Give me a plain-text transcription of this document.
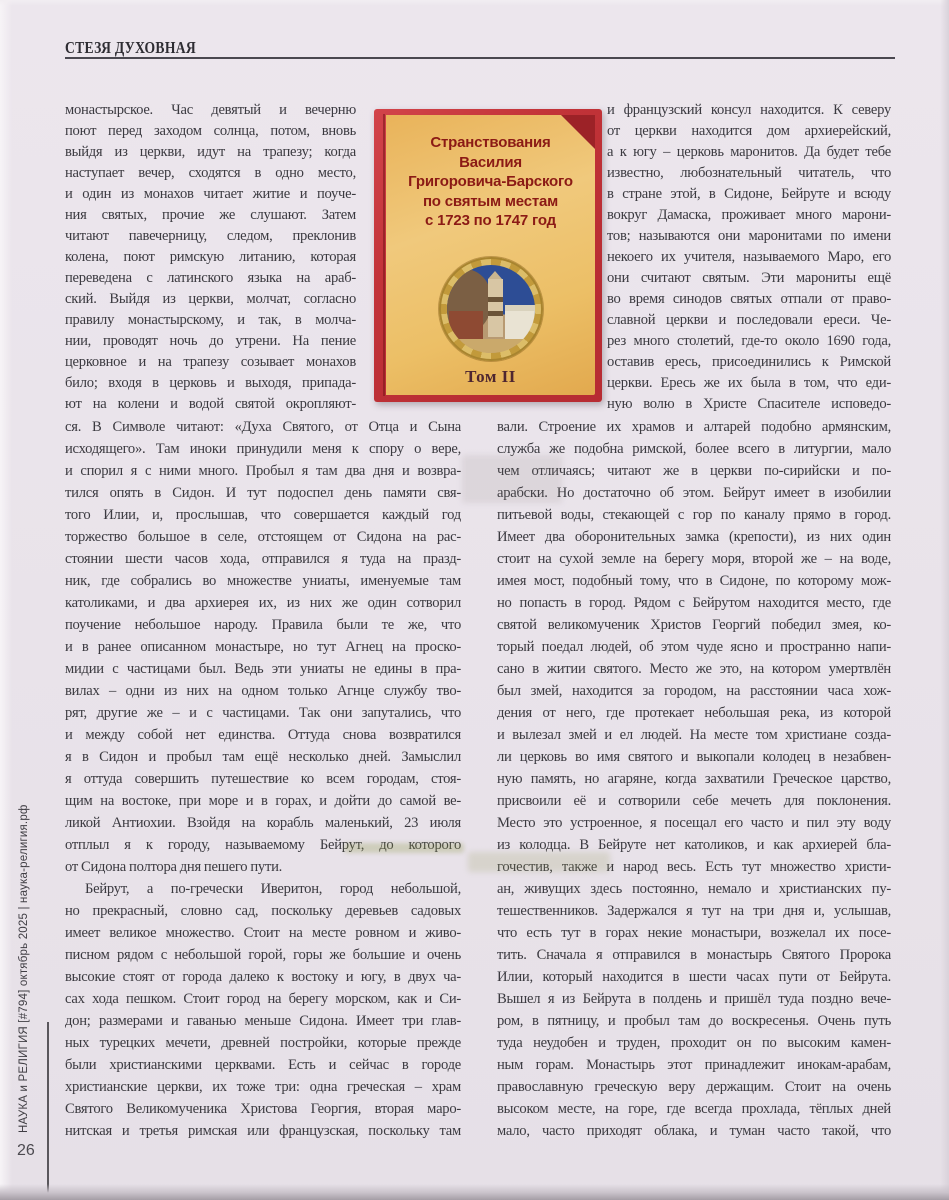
СТЕЗЯ ДУХОВНАЯ
монастырское. Час девятый и вечерню
поют перед заходом солнца, потом, вновь
выйдя из церкви, идут на трапезу; когда
наступает вечер, сходятся в одно место,
и один из монахов читает житие и поуче-
ния святых, прочие же слушают. Затем
читают павечерницу, следом, преклонив
колена, поют римскую литанию, которая
переведена с латинского языка на араб-
ский. Выйдя из церкви, молчат, согласно
правилу монастырскому, и так, в молча-
нии, проводят ночь до утрени. На пение
церковное и на трапезу созывает монахов
било; входя в церковь и выходя, припада-
ют на колени и водой святой окропляют-
и французский консул находится. К северу
от церкви находится дом архиерейский,
а к югу – церковь маронитов. Да будет тебе
известно, любознательный читатель, что
в стране этой, в Сидоне, Бейруте и всюду
вокруг Дамаска, проживает много марони-
тов; называются они маронитами по имени
некоего их учителя, называемого Маро, его
они считают святым. Эти марониты ещё
во время синодов святых отпали от право-
славной церкви и последовали ереси. Че-
рез много столетий, где-то около 1690 года,
оставив ересь, присоединились к Римской
церкви. Ересь же их была в том, что еди-
ную волю в Христе Спасителе исповедо-
ся. В Символе читают: «Духа Святого, от Отца и Сына
исходящего». Там иноки принудили меня к спору о вере,
и спорил я с ними много. Пробыл я там два дня и возвра-
тился опять в Сидон. И тут подоспел день памяти свя-
того Илии, и, прослышав, что совершается каждый год
торжество большое в селе, отстоящем от Сидона на рас-
стоянии шести часов хода, отправился я туда на празд-
ник, где собрались во множестве униаты, именуемые там
католиками, и два архиерея их, из них же один сотворил
поучение небольшое народу. Правила были те же, что
и в ранее описанном монастыре, но тут Агнец на проско-
мидии с частицами был. Ведь эти униаты не едины в пра-
вилах – одни из них на одном только Агнце службу тво-
рят, другие же – и с частицами. Так они запутались, что
и между собой нет единства. Оттуда снова возвратился
я в Сидон и пробыл там ещё несколько дней. Замыслил
я оттуда совершить путешествие ко всем городам, стоя-
щим на востоке, при море и в горах, и дойти до самой ве-
ликой Антиохии. Взойдя на корабль маленький, 23 июля
отплыл я к городу, называемому Бейрут, до которого
от Сидона полтора дня пешего пути.
Бейрут, а по-гречески Иверитон, город небольшой,
но прекрасный, словно сад, поскольку деревьев садовых
имеет великое множество. Стоит на месте ровном и живо-
писном рядом с небольшой горой, горы же большие и очень
высокие стоят от города далеко к востоку и югу, в двух ча-
сах хода пешком. Стоит город на берегу морском, как и Си-
дон; размерами и гаванью меньше Сидона. Имеет три глав-
ных турецких мечети, древней постройки, которые прежде
были христианскими церквами. Есть и сейчас в городе
христианские церкви, их тоже три: одна греческая – храм
Святого Великомученика Христова Георгия, вторая маро-
нитская и третья римская или французская, поскольку там
вали. Строение их храмов и алтарей подобно армянским,
служба же подобна римской, более всего в литургии, мало
чем отличаясь; читают же в церкви по-сирийски и по-
арабски. Но достаточно об этом. Бейрут имеет в изобилии
питьевой воды, стекающей с гор по каналу прямо в город.
Имеет два оборонительных замка (крепости), из них один
стоит на сухой земле на берегу моря, второй же – на воде,
имея мост, подобный тому, что в Сидоне, по которому мож-
но попасть в город. Рядом с Бейрутом находится место, где
святой великомученик Христов Георгий победил змея, ко-
торый поедал людей, об этом чуде ясно и пространно напи-
сано в житии святого. Место же это, на котором умертвлён
был змей, находится за городом, на расстоянии часа хож-
дения от него, где протекает небольшая река, из которой
и вылезал змей и ел людей. На месте том христиане созда-
ли церковь во имя святого и выкопали колодец в незабвен-
ную память, но агаряне, когда захватили Греческое царство,
присвоили её и сотворили себе мечеть для поклонения.
Место это устроенное, я посещал его часто и пил эту воду
из колодца. В Бейруте нет католиков, и как архиерей бла-
гочестив, также и народ весь. Есть тут множество христи-
ан, живущих здесь постоянно, немало и христианских пу-
тешественников. Задержался я тут на три дня и, услышав,
что есть тут в горах некие монастыри, возжелал их посе-
тить. Сначала я отправился в монастырь Святого Пророка
Илии, который находится в шести часах пути от Бейрута.
Вышел я из Бейрута в полдень и пришёл туда поздно вече-
ром, в пятницу, и пробыл там до воскресенья. Очень путь
туда неудобен и труден, проходит он по высоким камен-
ным горам. Монастырь этот принадлежит инокам-арабам,
православную греческую веру держащим. Стоит на очень
высоком месте, на горе, где всегда прохлада, тёплых дней
мало, часто приходят облака, и туман часто такой, что
Странствования
Василия
Григоровича-Барского
по святым местам
с 1723 по 1747 год
Том II
НАУКА и РЕЛИГИЯ [#794] октябрь 2025 | наука-религия.рф
26
